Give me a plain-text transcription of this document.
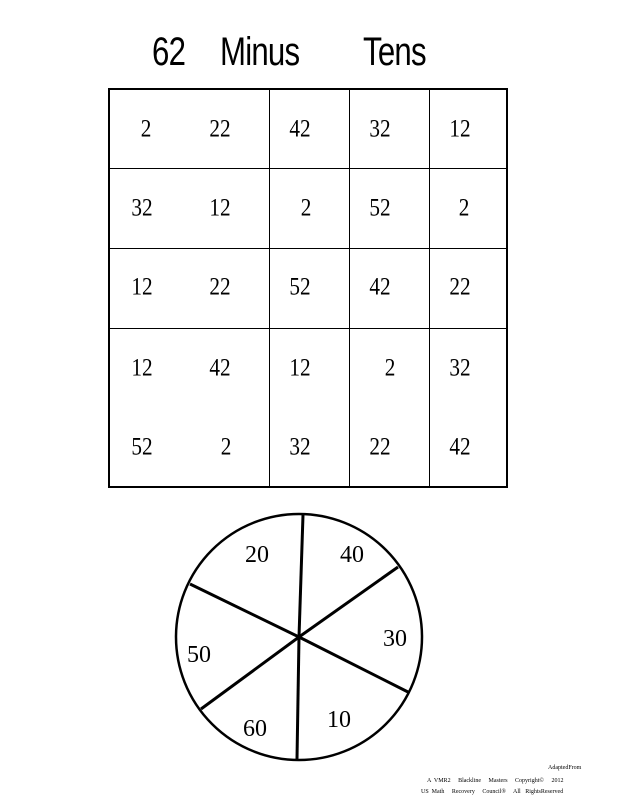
62 Minus Tens
2 22 42 32 12
32 12	2 52	2
12 22 52 42 22
12 42 12	2 32
52	2 32 22 42
20	40
30
10
60
50
AdaptedFrom
A  VMR2     Blackline     Masters     Copyright©     2012
US  Math     Recovery     Council®     All   RightsReserved
